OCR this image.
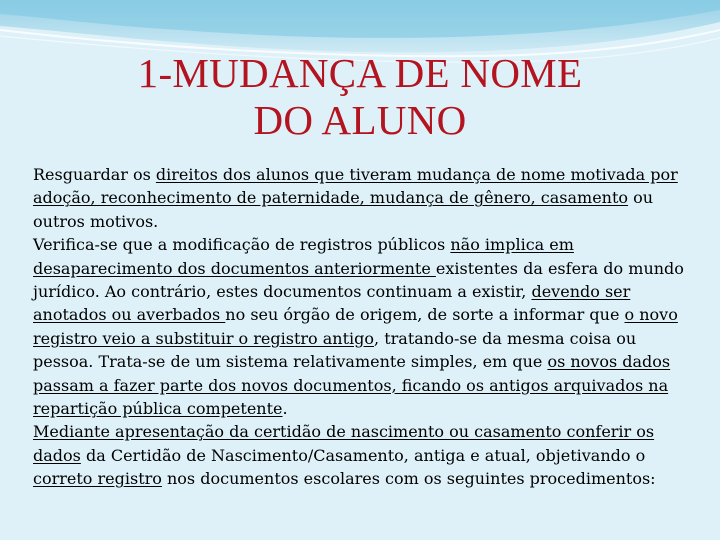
1-MUDANÇA DE NOME
DO ALUNO

Resguardar os direitos dos alunos que tiveram mudança de nome motivada por adoção, reconhecimento de paternidade, mudança de gênero, casamento ou outros motivos.

Verifica-se que a modificação de registros públicos não implica em desaparecimento dos documentos anteriormente existentes da esfera do mundo jurídico. Ao contrário, estes documentos continuam a existir, devendo ser anotados ou averbados no seu órgão de origem, de sorte a informar que o novo registro veio a substituir o registro antigo, tratando-se da mesma coisa ou pessoa. Trata-se de um sistema relativamente simples, em que os novos dados passam a fazer parte dos novos documentos, ficando os antigos arquivados na repartição pública competente.

Mediante apresentação da certidão de nascimento ou casamento conferir os dados da Certidão de Nascimento/Casamento, antiga e atual, objetivando o correto registro nos documentos escolares com os seguintes procedimentos:
